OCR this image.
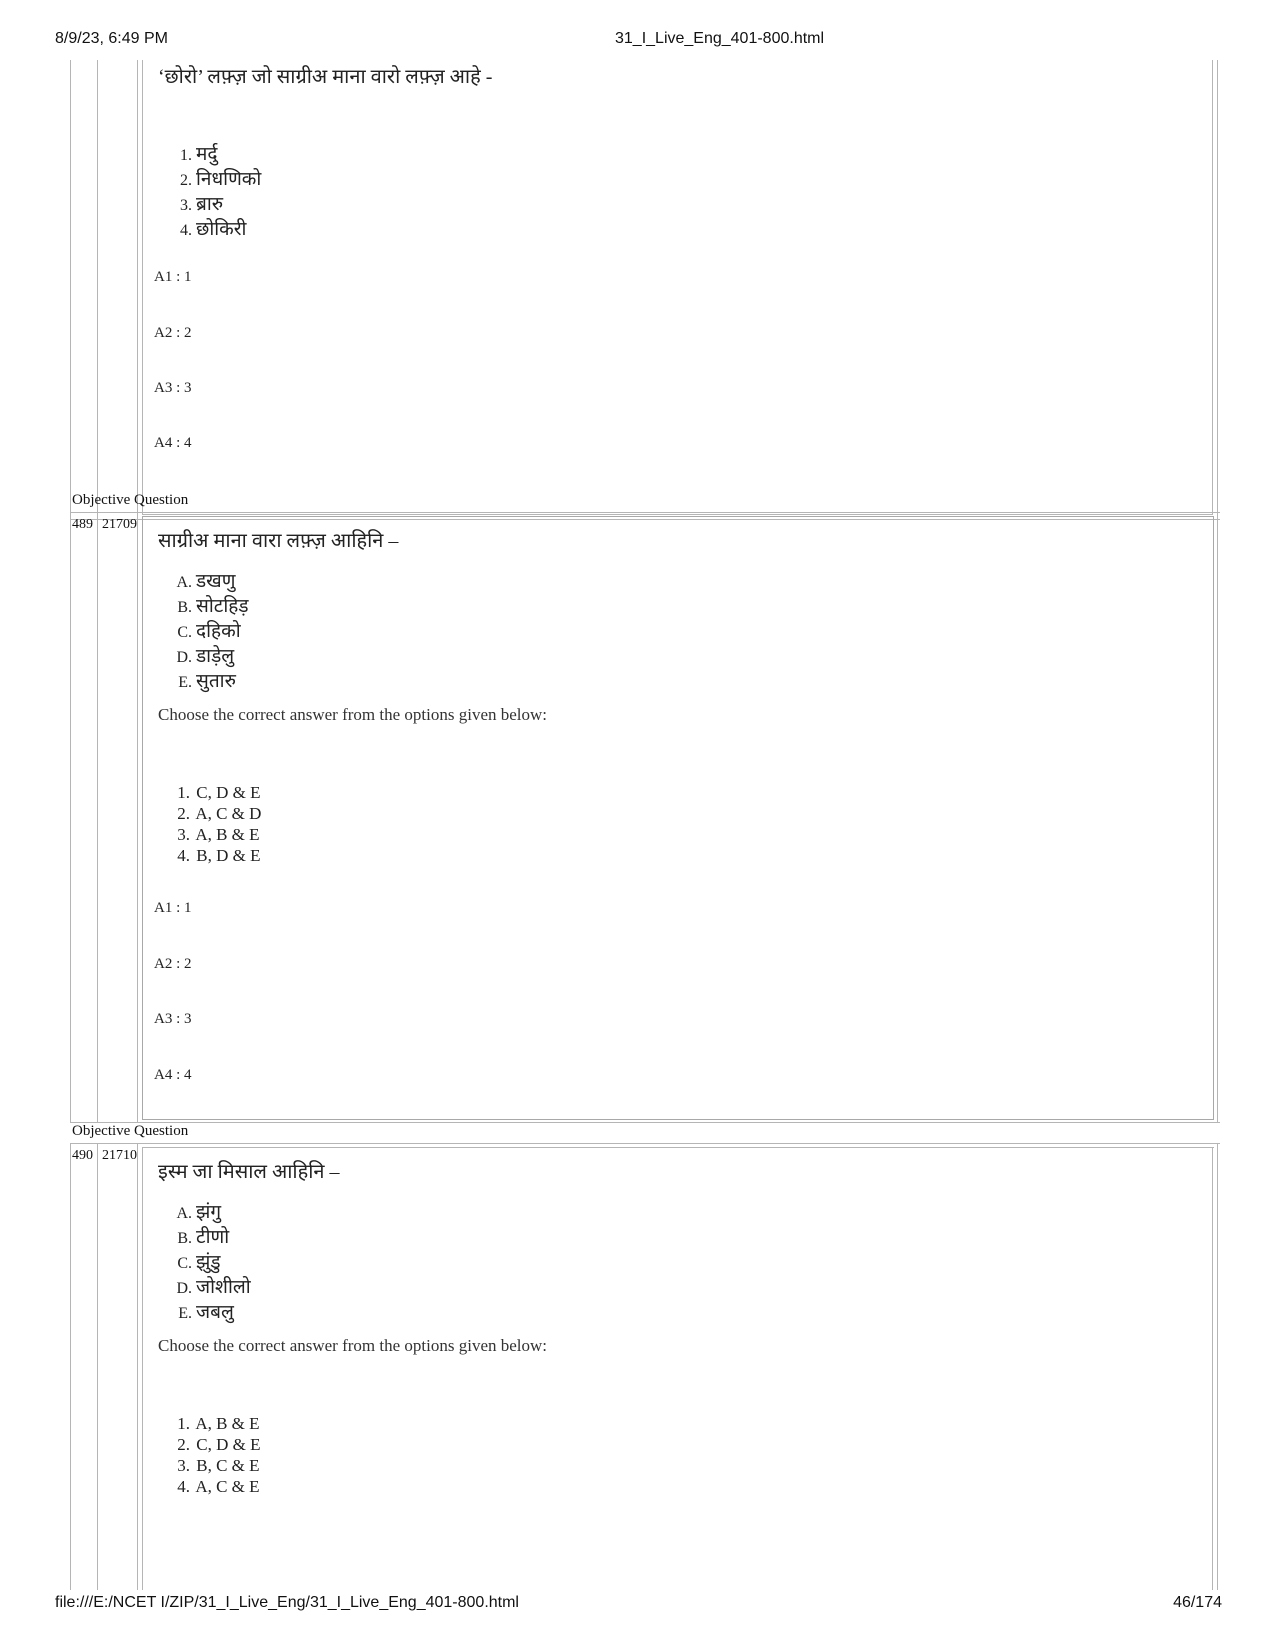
8/9/23, 6:49 PM	31_I_Live_Eng_401-800.html
‘छोरो’ लफ़्ज़ जो साग्रीअ माना वारो लफ़्ज़ आहे -
1. मर्दु
2. निधणिको
3. ब्रारु
4. छोकिरी
A1 : 1
A2 : 2
A3 : 3
A4 : 4
Objective Question
489 21709
साग्रीअ माना वारा लफ़्ज़ आहिनि –
A. डखणु
B. सोटहिड़
C. दहिको
D. डाड़ेलु
E. सुतारु
Choose the correct answer from the options given below:
1. C, D & E
2. A, C & D
3. A, B & E
4. B, D & E
A1 : 1
A2 : 2
A3 : 3
A4 : 4
Objective Question
490 21710
इस्म जा मिसाल आहिनि –
A. झंगु
B. टीणो
C. झुंडु
D. जोशीलो
E. जबलु
Choose the correct answer from the options given below:
1. A, B & E
2. C, D & E
3. B, C & E
4. A, C & E
file:///E:/NCET I/ZIP/31_I_Live_Eng/31_I_Live_Eng_401-800.html	46/174
